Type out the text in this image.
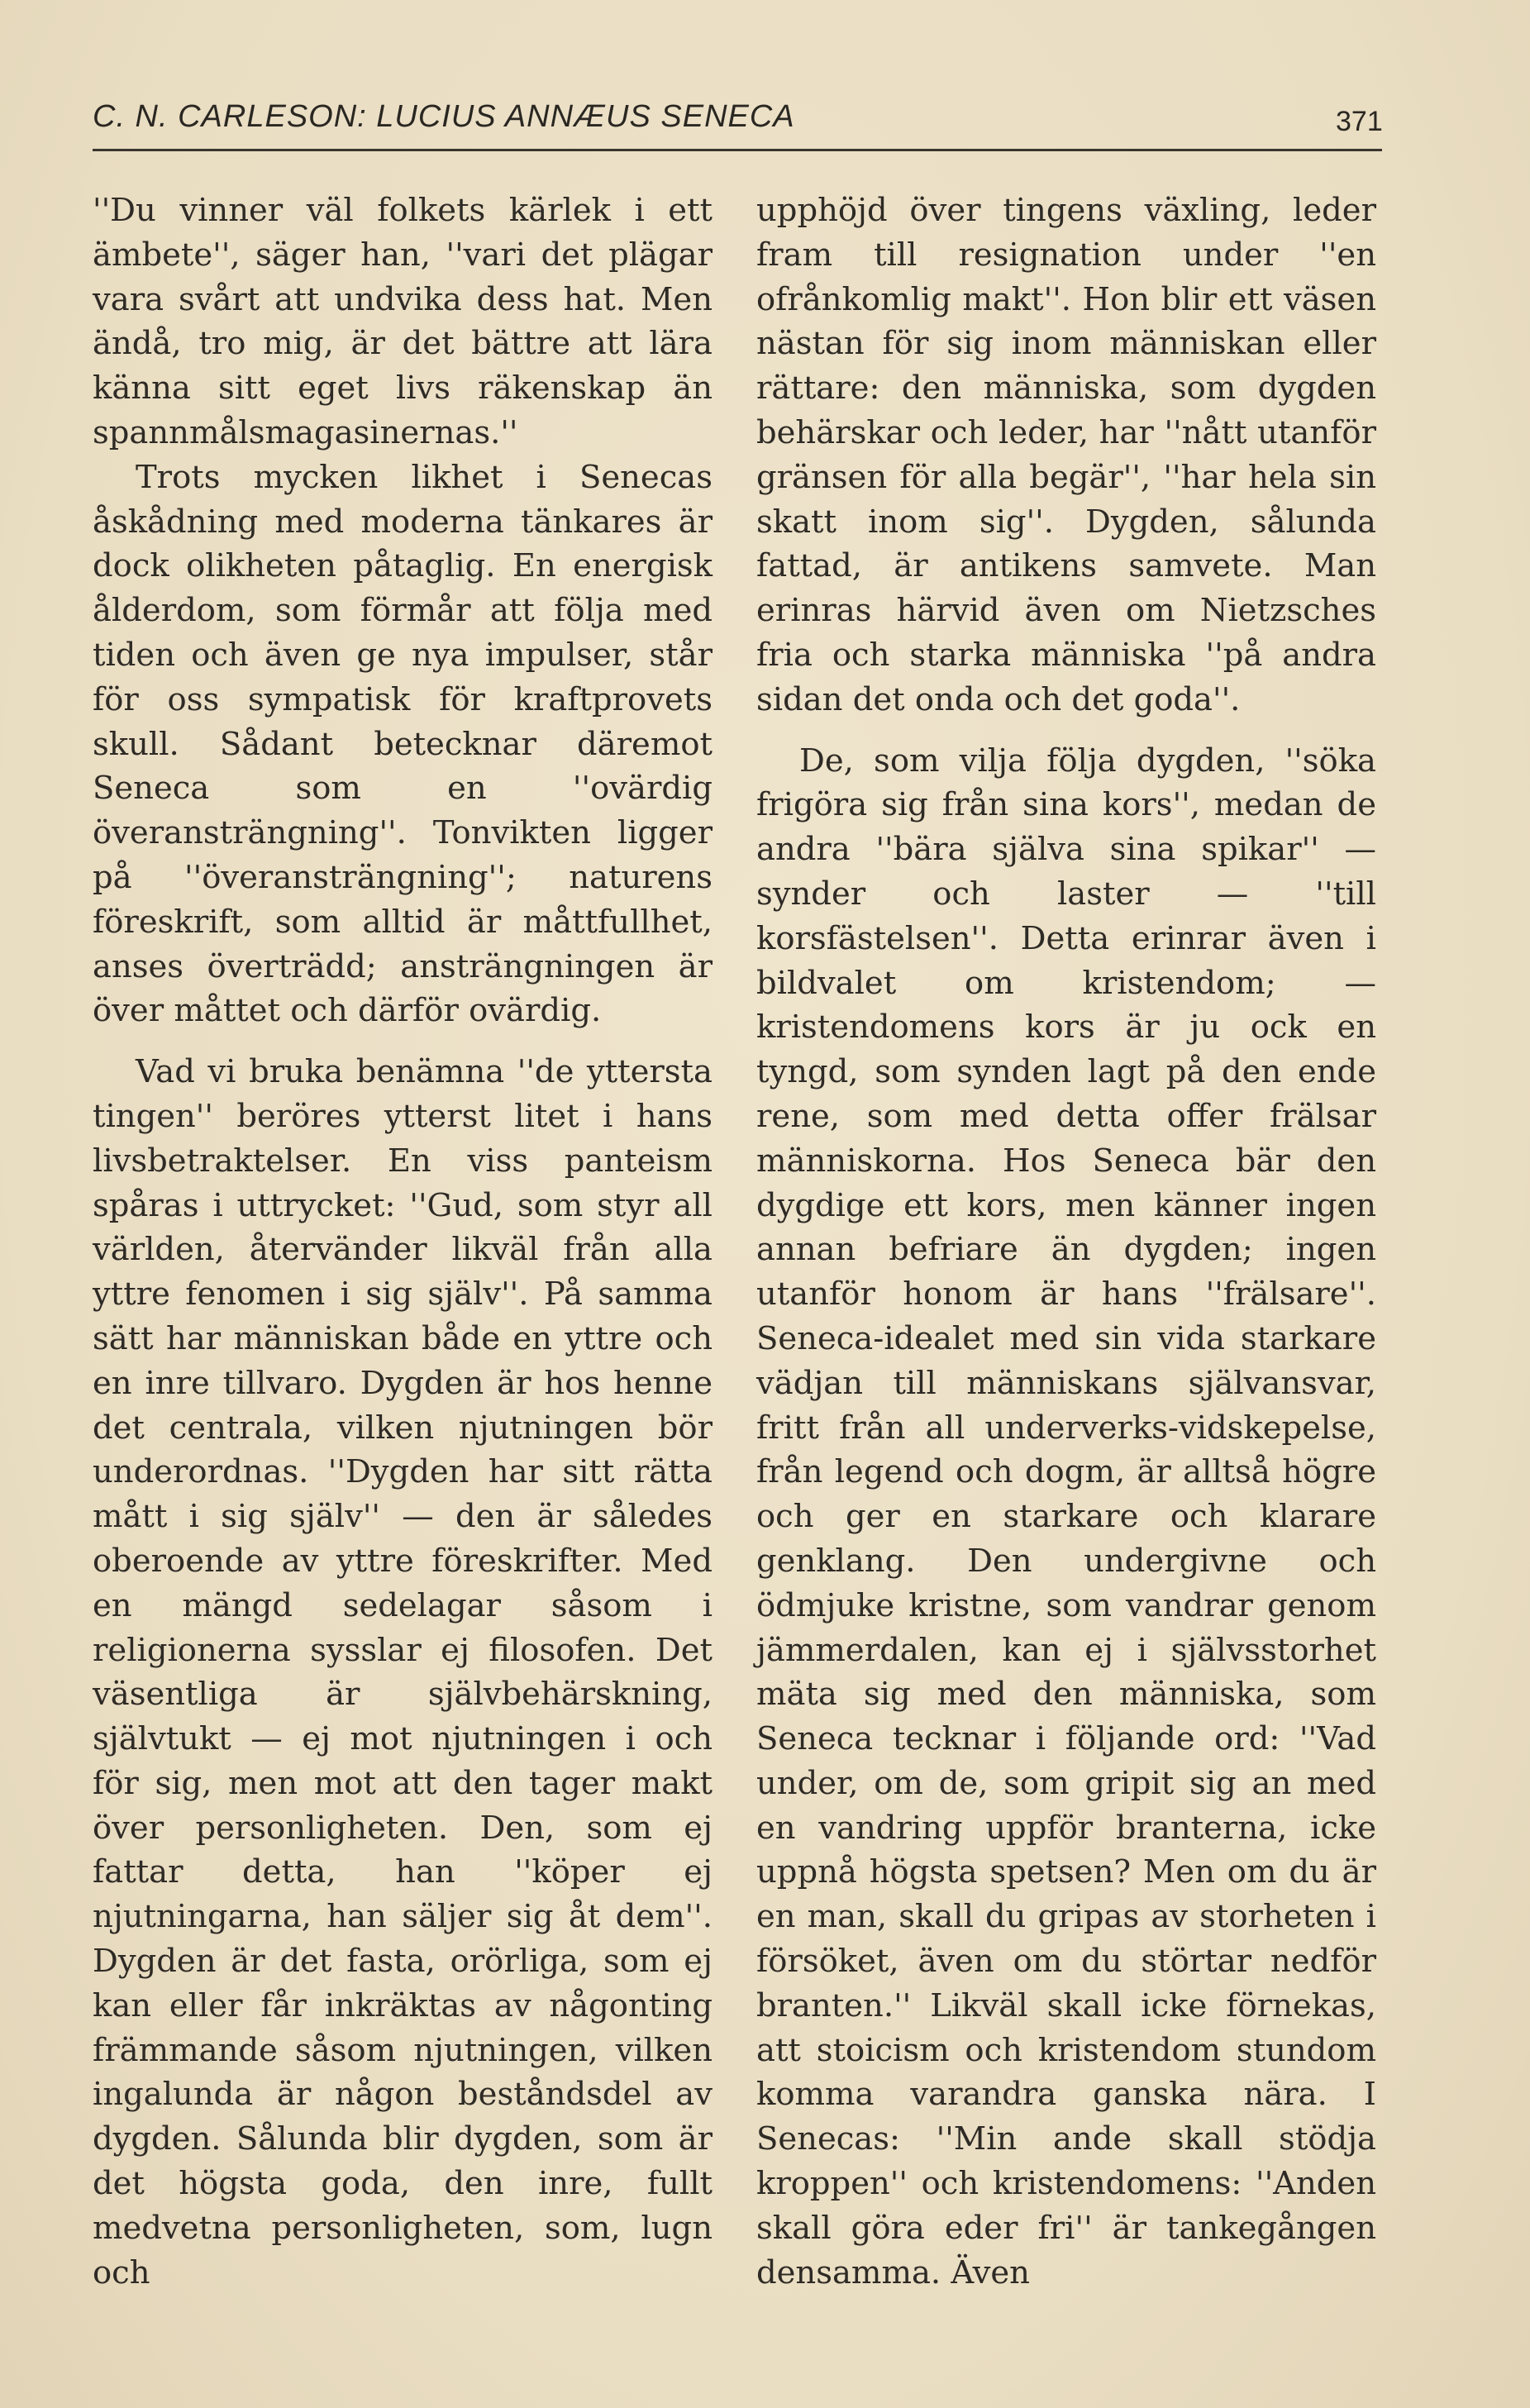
C. N. CARLESON: LUCIUS ANNÆUS SENECA	371

''Du vinner väl folkets kärlek i ett ämbete'', säger han, ''vari det plägar vara svårt att undvika dess hat. Men ändå, tro mig, är det bättre att lära känna sitt eget livs räkenskap än spannmålsmagasinernas.''

Trots mycken likhet i Senecas åskådning med moderna tänkares är dock olikheten påtaglig. En energisk ålderdom, som förmår att följa med tiden och även ge nya impulser, står för oss sympatisk för kraftprovets skull. Sådant betecknar däremot Seneca som en ''ovärdig överansträngning''. Tonvikten ligger på ''överansträngning''; naturens föreskrift, som alltid är måttfullhet, anses överträdd; ansträngningen är över måttet och därför ovärdig.

Vad vi bruka benämna ''de yttersta tingen'' beröres ytterst litet i hans livsbetraktelser. En viss panteism spåras i uttrycket: ''Gud, som styr all världen, återvänder likväl från alla yttre fenomen i sig själv''. På samma sätt har människan både en yttre och en inre tillvaro. Dygden är hos henne det centrala, vilken njutningen bör underordnas. ''Dygden har sitt rätta mått i sig själv'' — den är således oberoende av yttre föreskrifter. Med en mängd sedelagar såsom i religionerna sysslar ej filosofen. Det väsentliga är självbehärskning, självtukt — ej mot njutningen i och för sig, men mot att den tager makt över personligheten. Den, som ej fattar detta, han ''köper ej njutningarna, han säljer sig åt dem''. Dygden är det fasta, orörliga, som ej kan eller får inkräktas av någonting främmande såsom njutningen, vilken ingalunda är någon beståndsdel av dygden. Sålunda blir dygden, som är det högsta goda, den inre, fullt medvetna personligheten, som, lugn och

upphöjd över tingens växling, leder fram till resignation under ''en ofrånkomlig makt''. Hon blir ett väsen nästan för sig inom människan eller rättare: den människa, som dygden behärskar och leder, har ''nått utanför gränsen för alla begär'', ''har hela sin skatt inom sig''. Dygden, sålunda fattad, är antikens samvete. Man erinras härvid även om Nietzsches fria och starka människa ''på andra sidan det onda och det goda''.

De, som vilja följa dygden, ''söka frigöra sig från sina kors'', medan de andra ''bära själva sina spikar'' — synder och laster — ''till korsfästelsen''. Detta erinrar även i bildvalet om kristendom; — kristendomens kors är ju ock en tyngd, som synden lagt på den ende rene, som med detta offer frälsar människorna. Hos Seneca bär den dygdige ett kors, men känner ingen annan befriare än dygden; ingen utanför honom är hans ''frälsare''. Seneca-idealet med sin vida starkare vädjan till människans självansvar, fritt från all underverks-vidskepelse, från legend och dogm, är alltså högre och ger en starkare och klarare genklang. Den undergivne och ödmjuke kristne, som vandrar genom jämmerdalen, kan ej i självsstorhet mäta sig med den människa, som Seneca tecknar i följande ord: ''Vad under, om de, som gripit sig an med en vandring uppför branterna, icke uppnå högsta spetsen? Men om du är en man, skall du gripas av storheten i försöket, även om du störtar nedför branten.'' Likväl skall icke förnekas, att stoicism och kristendom stundom komma varandra ganska nära. I Senecas: ''Min ande skall stödja kroppen'' och kristendomens: ''Anden skall göra eder fri'' är tankegången densamma. Även
